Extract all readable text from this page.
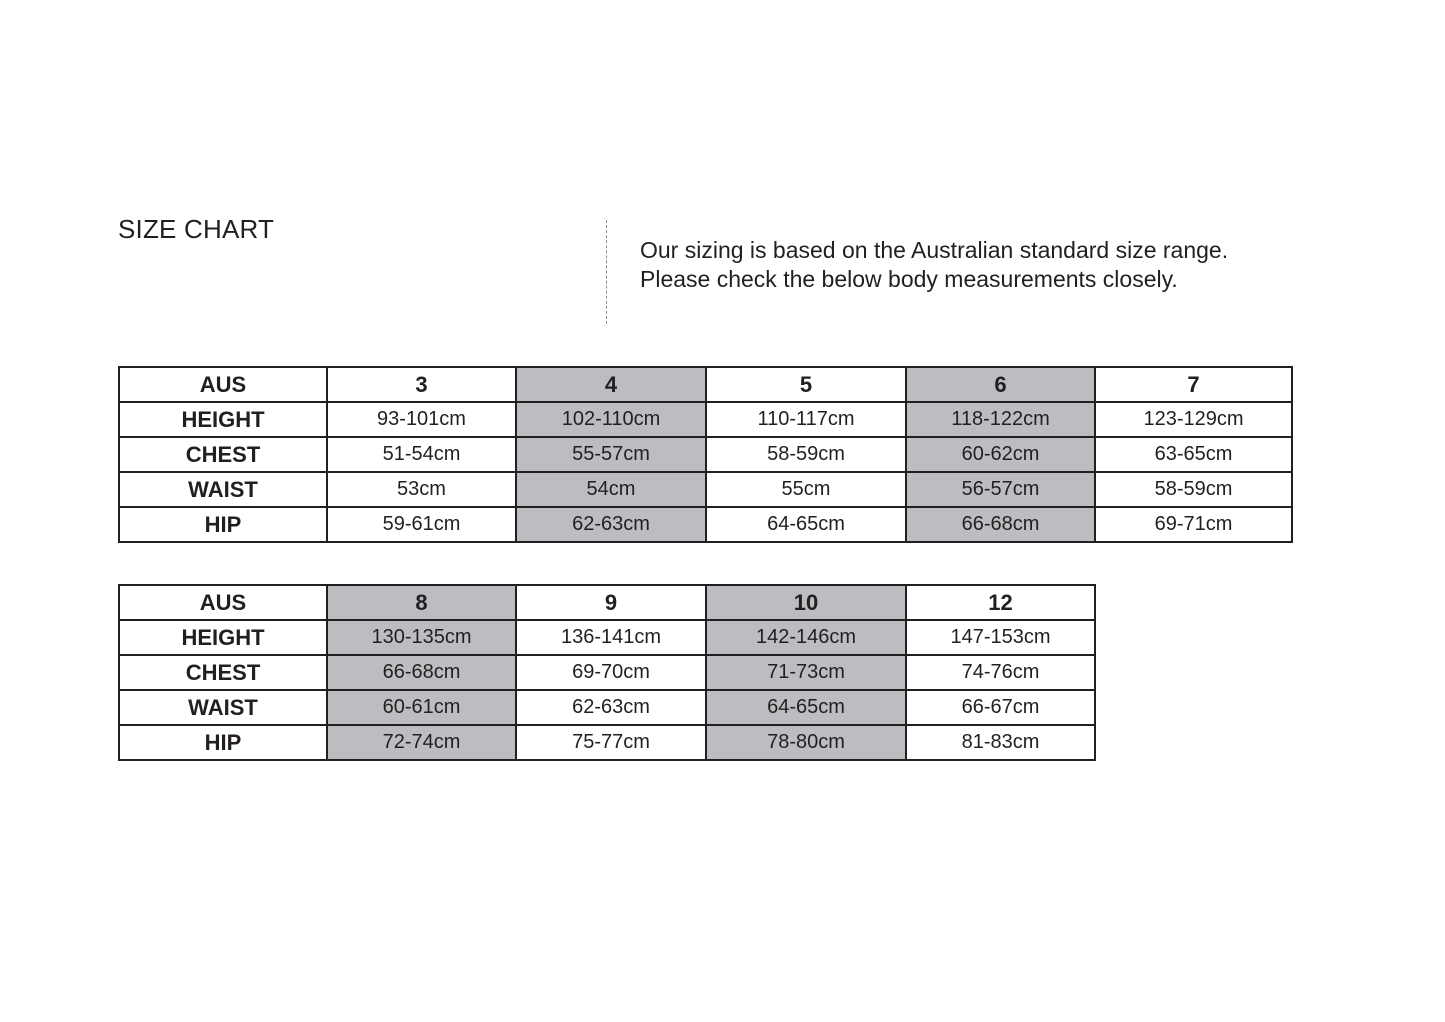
SIZE CHART
Our sizing is based on the Australian standard size range.
Please check the below body measurements closely.
AUS	3	4	5	6	7
HEIGHT	93-101cm	102-110cm	110-117cm	118-122cm	123-129cm
CHEST	51-54cm	55-57cm	58-59cm	60-62cm	63-65cm
WAIST	53cm	54cm	55cm	56-57cm	58-59cm
HIP	59-61cm	62-63cm	64-65cm	66-68cm	69-71cm
AUS	8	9	10	12
HEIGHT	130-135cm	136-141cm	142-146cm	147-153cm
CHEST	66-68cm	69-70cm	71-73cm	74-76cm
WAIST	60-61cm	62-63cm	64-65cm	66-67cm
HIP	72-74cm	75-77cm	78-80cm	81-83cm
